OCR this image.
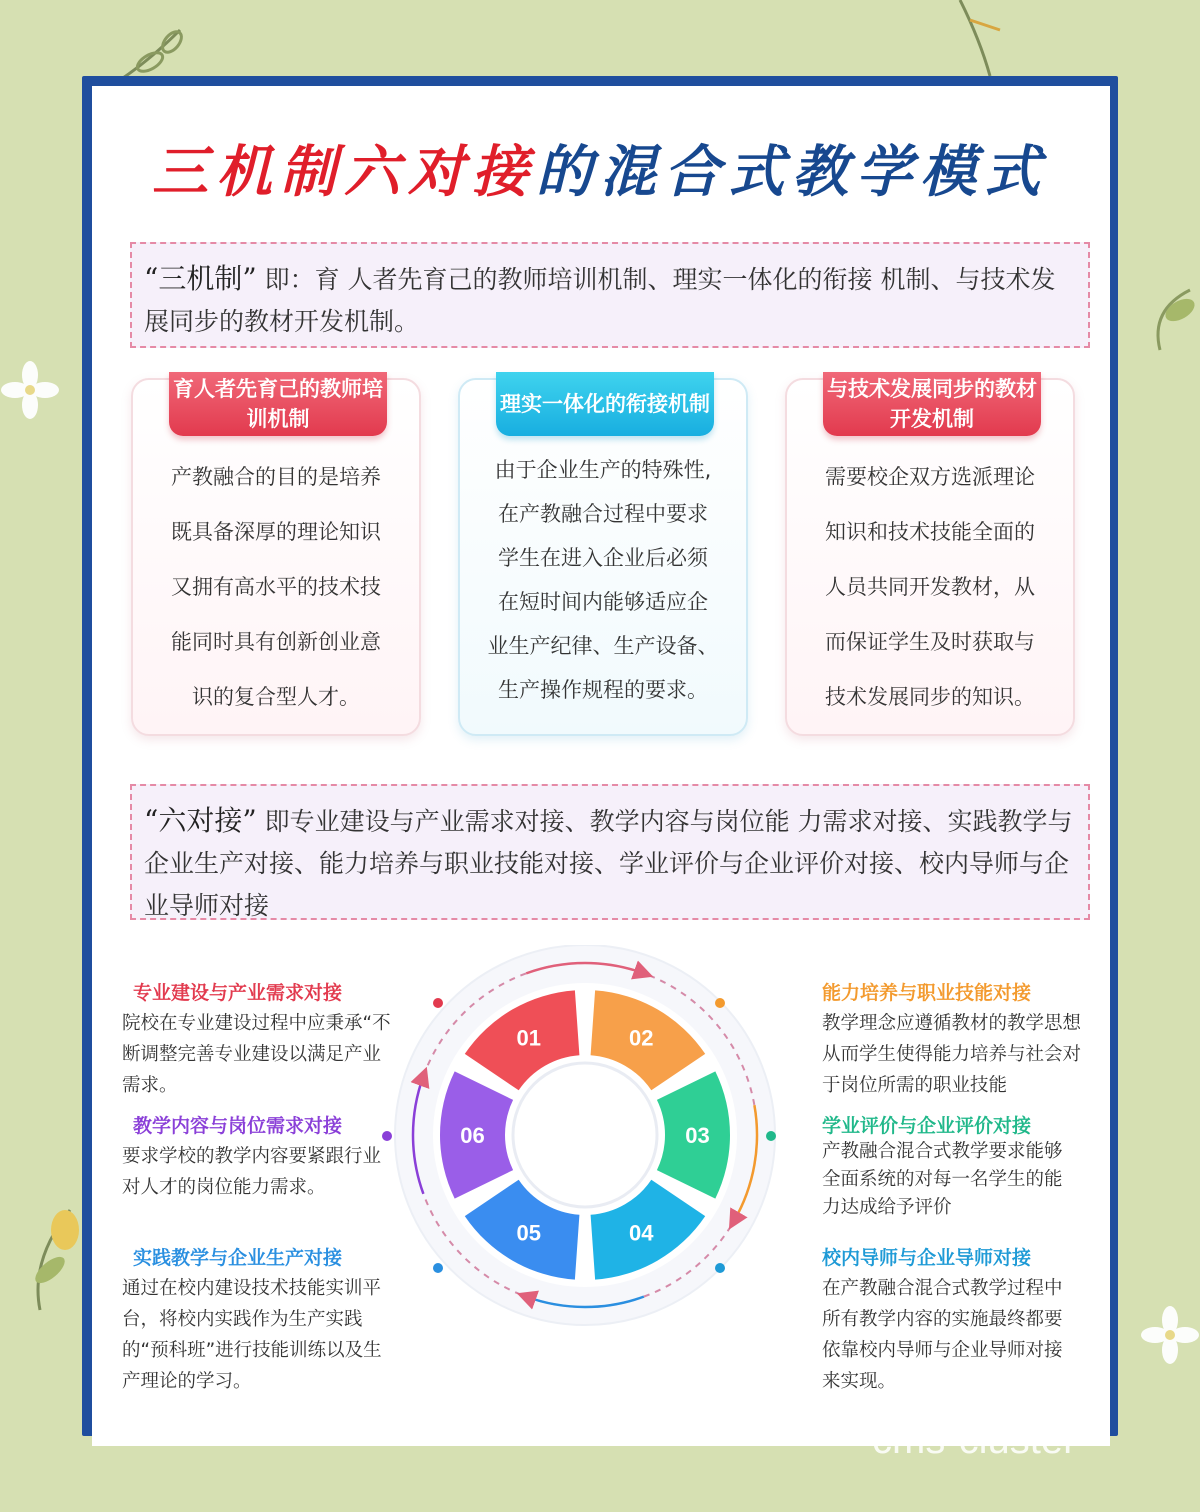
三机制六对接的混合式教学模式
“三机制” 即：育 人者先育己的教师培训机制、理实一体化的衔接 机制、与技术发展同步的教材开发机制。
育人者先育己的教师培训机制
产教融合的目的是培养
既具备深厚的理论知识
又拥有高水平的技术技
能同时具有创新创业意
识的复合型人才。
理实一体化的衔接机制
由于企业生产的特殊性,
在产教融合过程中要求
学生在进入企业后必须
在短时间内能够适应企
业生产纪律、生产设备、
生产操作规程的要求。
与技术发展同步的教材开发机制
需要校企双方选派理论
知识和技术技能全面的
人员共同开发教材，从
而保证学生及时获取与
技术发展同步的知识。
“六对接” 即专业建设与产业需求对接、教学内容与岗位能 力需求对接、实践教学与企业生产对接、能力培养与职业技能对接、学业评价与企业评价对接、校内导师与企业导师对接
01	02
03
04
05
06
专业建设与产业需求对接
院校在专业建设过程中应秉承“不断调整完善专业建设以满足产业需求。
教学内容与岗位需求对接
要求学校的教学内容要紧跟行业对人才的岗位能力需求。
实践教学与企业生产对接
通过在校内建设技术技能实训平台，将校内实践作为生产实践的“预科班”进行技能训练以及生产理论的学习。
能力培养与职业技能对接
教学理念应遵循教材的教学思想从而学生使得能力培养与社会对于岗位所需的职业技能
学业评价与企业评价对接
产教融合混合式教学要求能够全面系统的对每一名学生的能力达成给予评价
校内导师与企业导师对接
在产教融合混合式教学过程中所有教学内容的实施最终都要依靠校内导师与企业导师对接来实现。
cms-cluster
